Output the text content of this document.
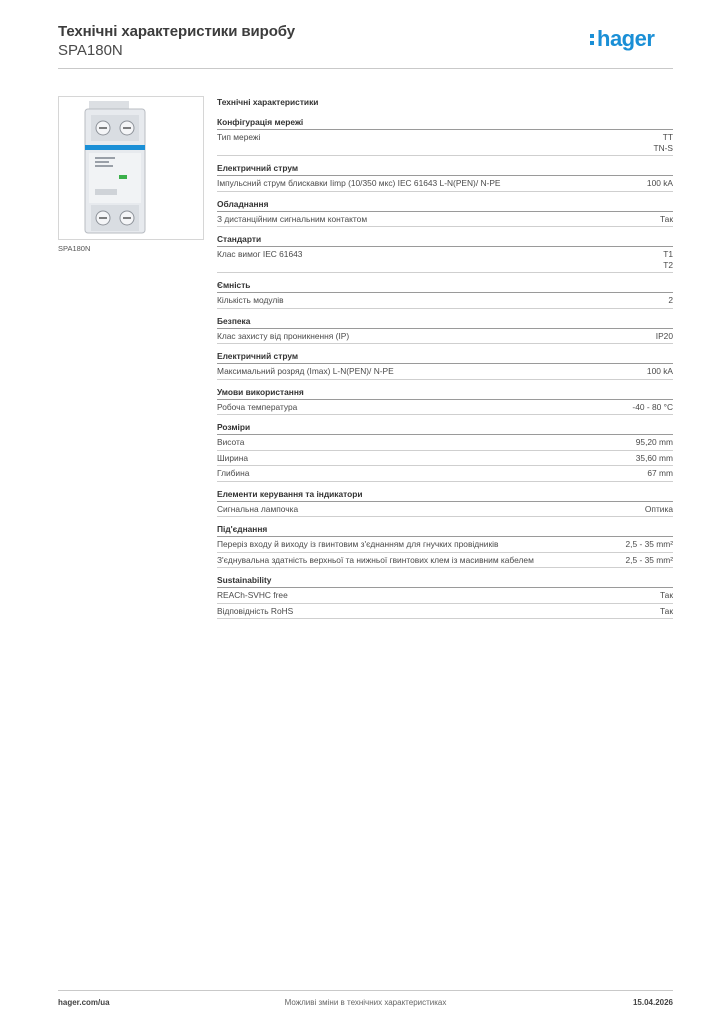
Технічні характеристики виробу
SPA180N	hager
SPA180N
Технічні характеристики
Конфігурація мережі
Тип мережі	TT
TN-S
Електричний струм
Імпульсний струм блискавки Iimp (10/350 мкс) IEC 61643 L-N(PEN)/ N-PE	100 kA
Обладнання
З дистанційним сигнальним контактом	Так
Стандарти
Клас вимог IEC 61643	T1
T2
Ємність
Кількість модулів	2
Безпека
Клас захисту від проникнення (IP)	IP20
Електричний струм
Максимальний розряд (Imax) L-N(PEN)/ N-PE	100 kA
Умови використання
Робоча температура	-40 - 80 °C
Розміри
Висота	95,20 mm
Ширина	35,60 mm
Глибина	67 mm
Елементи керування та індикатори
Сигнальна лампочка	Оптика
Під'єднання
Переріз входу й виходу із гвинтовим з'єднанням для гнучких провідників	2,5 - 35 mm²
З'єднувальна здатність верхньої та нижньої гвинтових клем із масивним кабелем	2,5 - 35 mm²
Sustainability
REACh-SVHC free	Так
Відповідність RoHS	Так
hager.com/ua	Можливі зміни в технічних характеристиках	15.04.2026
